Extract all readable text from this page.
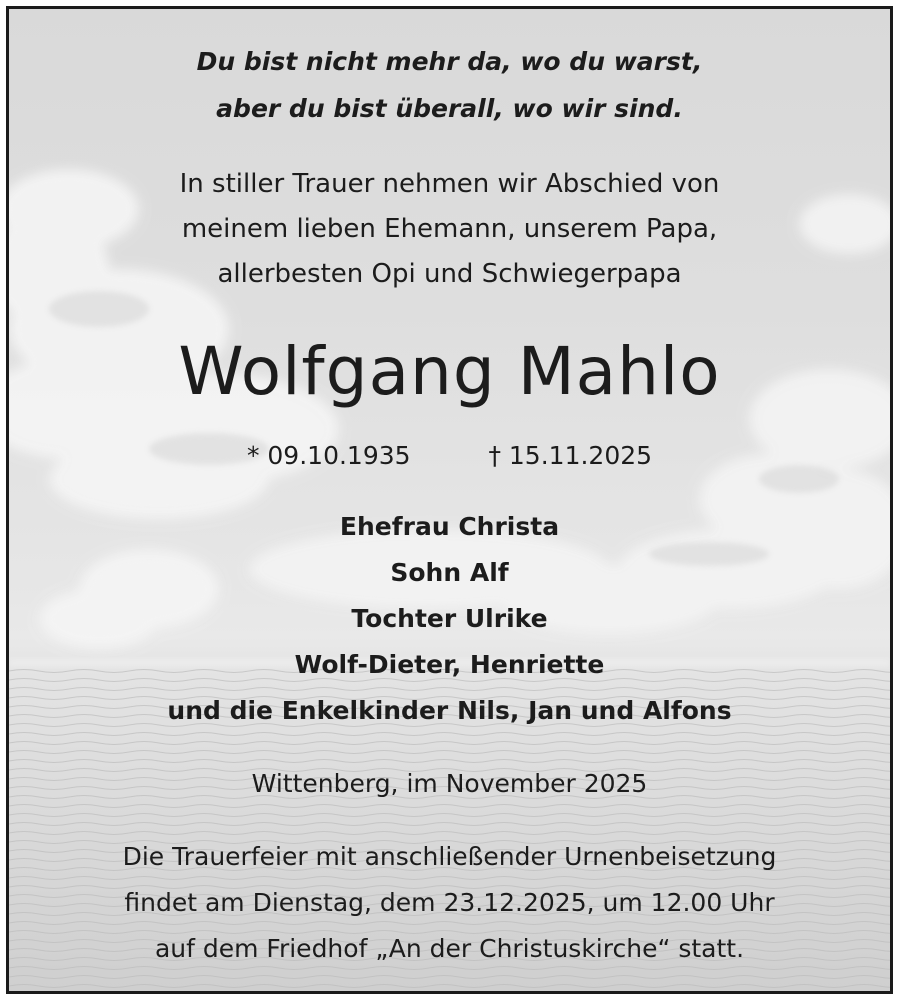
Du bist nicht mehr da, wo du warst,
aber du bist überall, wo wir sind.
In stiller Trauer nehmen wir Abschied von
meinem lieben Ehemann, unserem Papa,
allerbesten Opi und Schwiegerpapa
Wolfgang Mahlo
* 09.10.1935	† 15.11.2025
Ehefrau Christa
Sohn Alf
Tochter Ulrike
Wolf-Dieter, Henriette
und die Enkelkinder Nils, Jan und Alfons
Wittenberg, im November 2025
Die Trauerfeier mit anschließender Urnenbeisetzung
findet am Dienstag, dem 23.12.2025, um 12.00 Uhr
auf dem Friedhof „An der Christuskirche“ statt.
